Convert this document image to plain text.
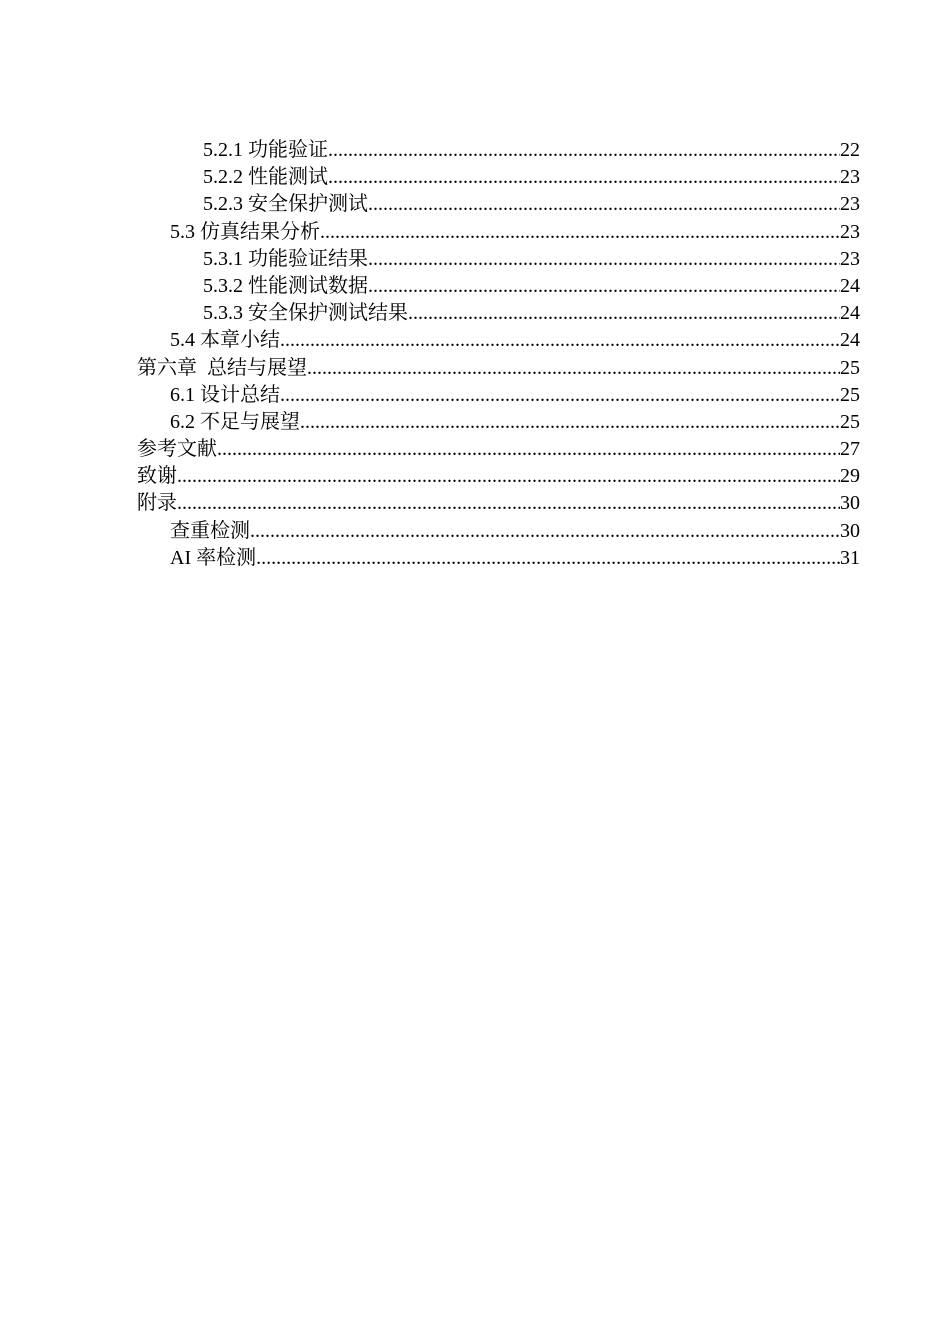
5.2.1 功能验证 .....	22
5.2.2 性能测试 .....	23
5.2.3 安全保护测试 .....	23
5.3 仿真结果分析 .....	23
5.3.1 功能验证结果 .....	23
5.3.2 性能测试数据 .....	24
5.3.3 安全保护测试结果 .....	24
5.4 本章小结 .....	24
第六章  总结与展望 .....	25
6.1 设计总结 .....	25
6.2 不足与展望 .....	25
参考文献 .....	27
致谢 .....	29
附录 .....	30
查重检测 .....	30
AI 率检测 .....	31
